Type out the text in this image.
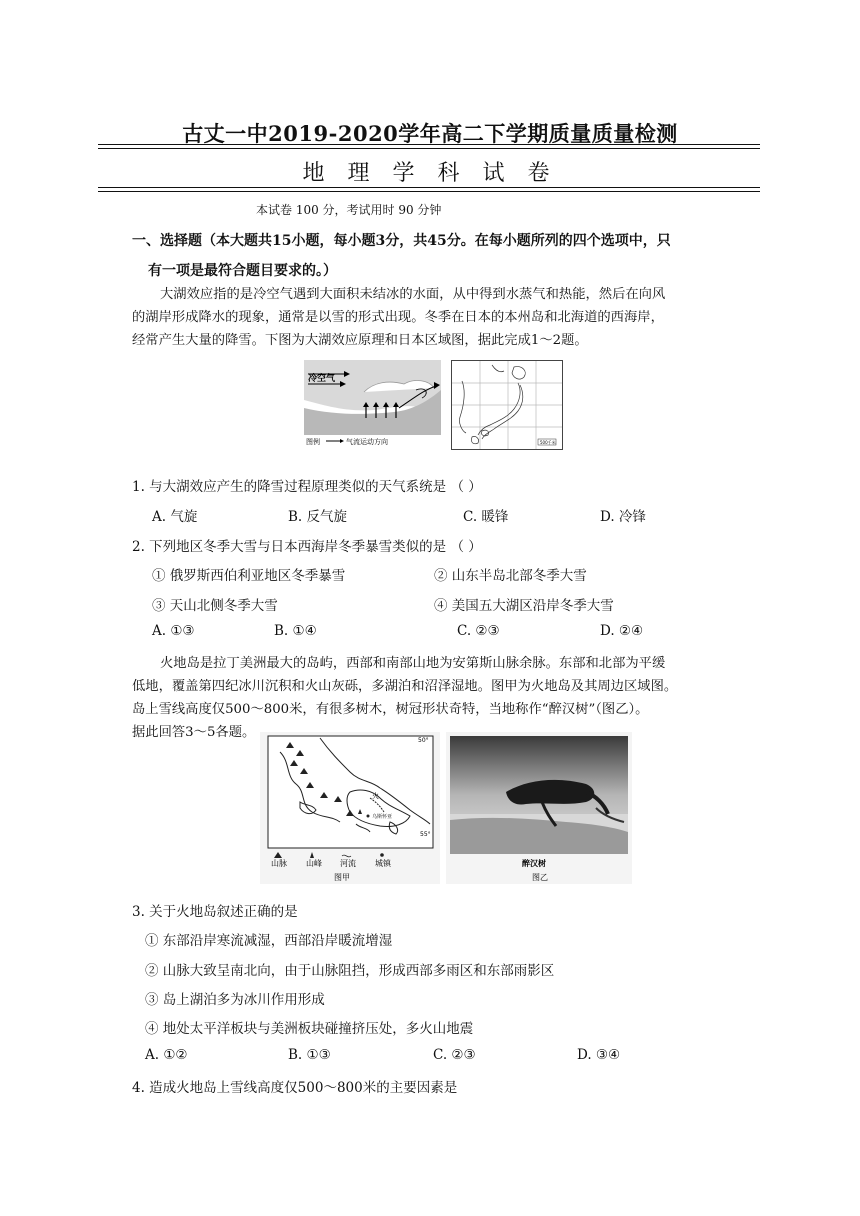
古丈一中2019-2020学年高二下学期质量质量检测
地 理 学 科 试 卷
本试卷 100 分，考试用时 90 分钟
一、选择题（本大题共15小题，每小题3分，共45分。在每小题所列的四个选项中，只
有一项是最符合题目要求的。）
大湖效应指的是冷空气遇到大面积未结冰的水面，从中得到水蒸气和热能，然后在向风
的湖岸形成降水的现象，通常是以雪的形式出现。冬季在日本的本州岛和北海道的西海岸，
经常产生大量的降雪。下图为大湖效应原理和日本区域图，据此完成1～2题。
冷空气
图例	气流运动方向	500千米
1. 与大湖效应产生的降雪过程原理类似的天气系统是 （ ）
A. 气旋	B. 反气旋	C. 暖锋	D. 冷锋
2. 下列地区冬季大雪与日本西海岸冬季暴雪类似的是 （ ）
① 俄罗斯西伯利亚地区冬季暴雪	② 山东半岛北部冬季大雪
③ 天山北侧冬季大雪	④ 美国五大湖区沿岸冬季大雪
A. ①③	B. ①④	C. ②③	D. ②④
火地岛是拉丁美洲最大的岛屿，西部和南部山地为安第斯山脉余脉。东部和北部为平缓
低地，覆盖第四纪冰川沉积和火山灰砾，多湖泊和沼泽湿地。图甲为火地岛及其周边区域图。
岛上雪线高度仅500～800米，有很多树木，树冠形状奇特，当地称作“醉汉树”（图乙）。
据此回答3～5各题。
50°
55°
火
乌斯怀亚
山脉 山峰 河流 城镇
图甲
醉汉树
图乙
3. 关于火地岛叙述正确的是
① 东部沿岸寒流减湿，西部沿岸暖流增湿
② 山脉大致呈南北向，由于山脉阻挡，形成西部多雨区和东部雨影区
③ 岛上湖泊多为冰川作用形成
④ 地处太平洋板块与美洲板块碰撞挤压处，多火山地震
A. ①②	B. ①③	C. ②③	D. ③④
4. 造成火地岛上雪线高度仅500～800米的主要因素是
